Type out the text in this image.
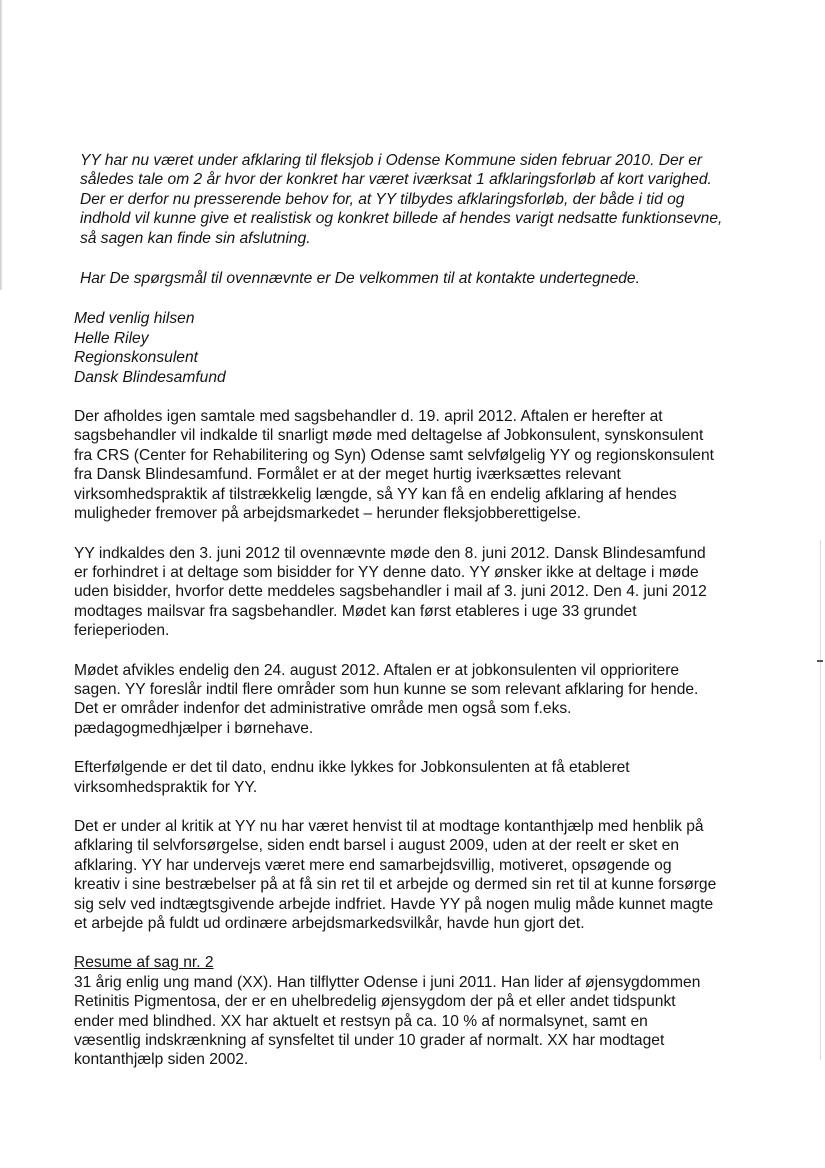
YY har nu været under afklaring til fleksjob i Odense Kommune siden februar 2010. Der er
således tale om 2 år hvor der konkret har været iværksat 1 afklaringsforløb af kort varighed.
Der er derfor nu presserende behov for, at YY tilbydes afklaringsforløb, der både i tid og
indhold vil kunne give et realistisk og konkret billede af hendes varigt nedsatte funktionsevne,
så sagen kan finde sin afslutning.

Har De spørgsmål til ovennævnte er De velkommen til at kontakte undertegnede.

Med venlig hilsen
Helle Riley
Regionskonsulent
Dansk Blindesamfund

Der afholdes igen samtale med sagsbehandler d. 19. april 2012. Aftalen er herefter at
sagsbehandler vil indkalde til snarligt møde med deltagelse af Jobkonsulent, synskonsulent
fra CRS (Center for Rehabilitering og Syn) Odense samt selvfølgelig YY og regionskonsulent
fra Dansk Blindesamfund. Formålet er at der meget hurtig iværksættes relevant
virksomhedspraktik af tilstrækkelig længde, så YY kan få en endelig afklaring af hendes
muligheder fremover på arbejdsmarkedet – herunder fleksjobberettigelse.

YY indkaldes den 3. juni 2012 til ovennævnte møde den 8. juni 2012. Dansk Blindesamfund
er forhindret i at deltage som bisidder for YY denne dato. YY ønsker ikke at deltage i møde
uden bisidder, hvorfor dette meddeles sagsbehandler i mail af 3. juni 2012. Den 4. juni 2012
modtages mailsvar fra sagsbehandler. Mødet kan først etableres i uge 33 grundet
ferieperioden.

Mødet afvikles endelig den 24. august 2012. Aftalen er at jobkonsulenten vil opprioritere
sagen. YY foreslår indtil flere områder som hun kunne se som relevant afklaring for hende.
Det er områder indenfor det administrative område men også som f.eks.
pædagogmedhjælper i børnehave.

Efterfølgende er det til dato, endnu ikke lykkes for Jobkonsulenten at få etableret
virksomhedspraktik for YY.

Det er under al kritik at YY nu har været henvist til at modtage kontanthjælp med henblik på
afklaring til selvforsørgelse, siden endt barsel i august 2009, uden at der reelt er sket en
afklaring. YY har undervejs været mere end samarbejdsvillig, motiveret, opsøgende og
kreativ i sine bestræbelser på at få sin ret til et arbejde og dermed sin ret til at kunne forsørge
sig selv ved indtægtsgivende arbejde indfriet. Havde YY på nogen mulig måde kunnet magte
et arbejde på fuldt ud ordinære arbejdsmarkedsvilkår, havde hun gjort det.

Resume af sag nr. 2
31 årig enlig ung mand (XX). Han tilflytter Odense i juni 2011. Han lider af øjensygdommen
Retinitis Pigmentosa, der er en uhelbredelig øjensygdom der på et eller andet tidspunkt
ender med blindhed. XX har aktuelt et restsyn på ca. 10 % af normalsynet, samt en
væsentlig indskrænkning af synsfeltet til under 10 grader af normalt. XX har modtaget
kontanthjælp siden 2002.
